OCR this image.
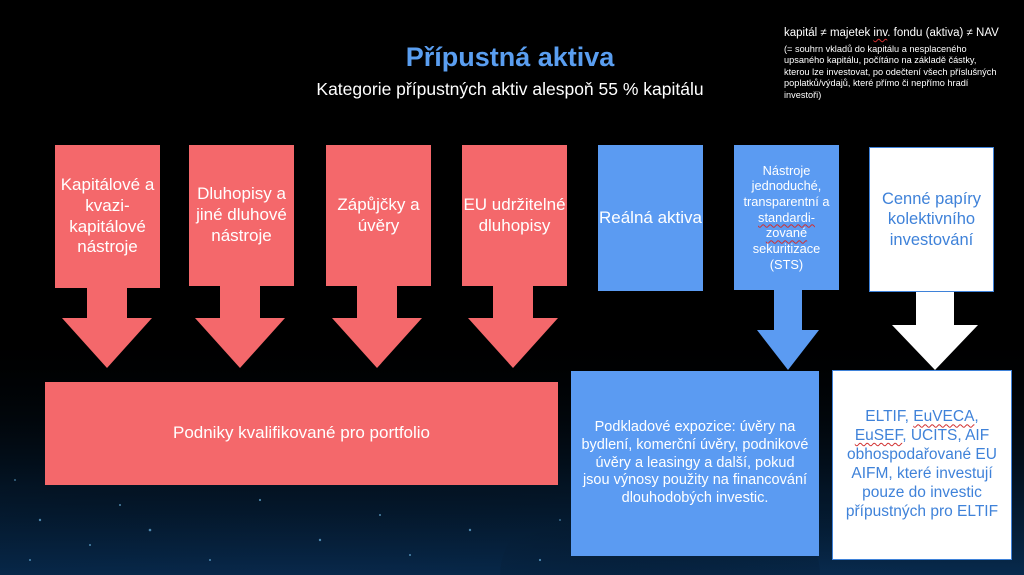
Přípustná aktiva
Kategorie přípustných aktiv alespoň 55 % kapitálu
kapitál ≠ majetek inv. fondu (aktiva) ≠ NAV
(= souhrn vkladů do kapitálu a nesplaceného upsaného kapitálu, počítáno na základě částky, kterou lze investovat, po odečtení všech příslušných poplatků/výdajů, které přímo či nepřímo hradí investoři)
Kapitálové a kvazi-kapitálové nástroje
Dluhopisy a jiné dluhové nástroje
Zápůjčky a úvěry
EU udržitelné dluhopisy	Reálná aktiva
Nástroje jednoduché, transparentní a standardi-zované sekuritizace (STS)
Cenné papíry kolektivního investování
Podniky kvalifikované pro portfolio	Podkladové expozice: úvěry na bydlení, komerční úvěry, podnikové úvěry a leasingy a další, pokud jsou výnosy použity na financování dlouhodobých investic.
ELTIF, EuVECA, EuSEF, UCITS, AIF obhospodařované EU AIFM, které investují pouze do investic přípustných pro ELTIF
